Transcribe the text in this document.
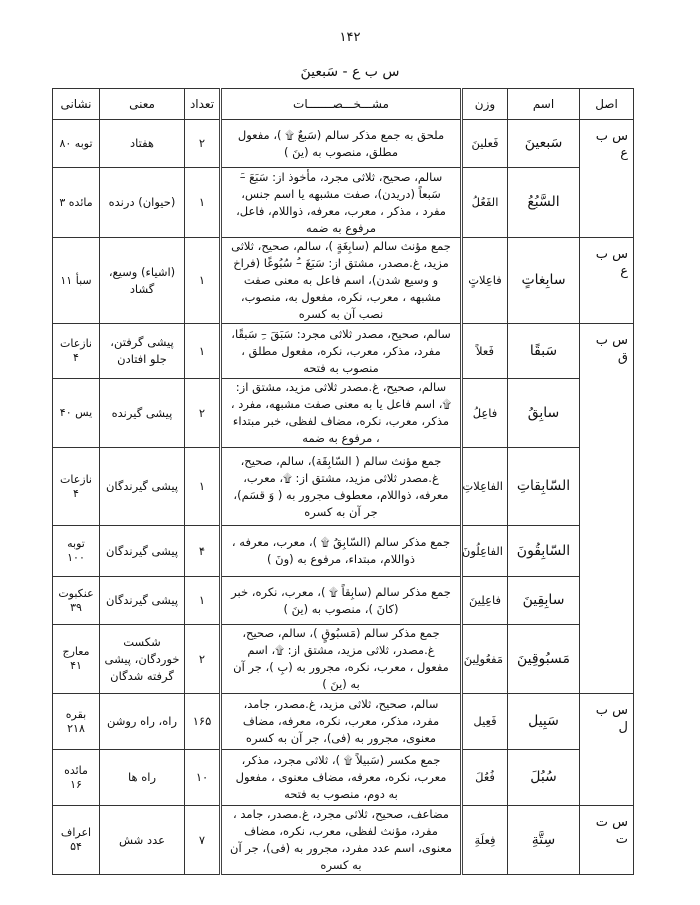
۱۴۲
س ب ع - سَبعینَ
اصل	اسم	وزن	مشـــخـــصـــــــات	تعداد	معنی	نشانی
س ب ع	سَبعینَ	فَعلینَ	ملحق به جمع مذکر سالم (سَبعٌ ۩ )، مفعول مطلق، منصوب به (ینَ )	۲	هفتاد	توبه ۸۰
	السَّبُعُ	الفَعُلُ	سالم، صحیح، ثلاثی مجرد، مأخوذ از: سَبَعَ –َ سَبعاً (دریدن)، صفت مشبهه یا اسم جنس، مفرد ، مذکر ، معرب، معرفه، ذواللام، فاعل، مرفوع به ضمه	۱	(حیوان) درنده	مائده ۳
س ب ع	سابِغاتٍ	فاعِلاتٍ	جمع مؤنث سالم (سابِغَةٍ )، سالم، صحیح، ثلاثی مزید، غ.مصدر، مشتق از: سَبَغَ –ُ سُبُوغًا (فراخ و وسیع شدن)، اسم فاعل به معنی صفت مشبهه ، معرب، نکره، مفعول به، منصوب، نصب آن به کسره	۱	(اشیاء) وسیع، گشاد	سبأ ۱۱
س ب ق	سَبقًا	فَعلاً	سالم، صحیح، مصدر ثلاثی مجرد: سَبَقَ –ِ سَبقًا، مفرد، مذکر، معرب، نکره، مفعول مطلق ، منصوب به فتحه	۱	پیشی گرفتن، جلو افتادن	نازعات ۴
	سابِقُ	فاعِلُ	سالم، صحیح، غ.مصدر ثلاثی مزید، مشتق از: ۩، اسم فاعل یا به معنی صفت مشبهه، مفرد ، مذکر، معرب، نکره، مضاف لفظی، خبر مبتداء ، مرفوع به ضمه	۲	پیشی گیرنده	یس ۴۰
	السّابِقاتِ	الفاعِلاتِ	جمع مؤنث سالم ( السّابِقَة)، سالم، صحیح، غ.مصدر ثلاثی مزید، مشتق از: ۩، معرب، معرفه، ذواللام، معطوف مجرور به ( وَ قسَم)، جر آن به کسره	۱	پیشی گیرندگان	نازعات ۴
	السّابِقُونَ	الفاعِلُونَ	جمع مذکر سالم (السّابِقُ ۩ )، معرب، معرفه ، ذواللام، مبتداء، مرفوع به (ونَ )	۴	پیشی گیرندگان	توبه ۱۰۰
	سابِقِینَ	فاعِلِینَ	جمع مذکر سالم (سابِقاً ۩ )، معرب، نکره، خبر (کانَ )، منصوب به (ینَ )	۱	پیشی گیرندگان	عنکبوت ۳۹
	مَسبُوقِینَ	مَفعُولِینَ	جمع مذکر سالم (مَسبُوقٍ )، سالم، صحیح، غ.مصدر، ثلاثی مزید، مشتق از: ۩، اسم مفعول ، معرب، نکره، مجرور به (بِ )، جر آن به (ینَ )	۲	شکست خوردگان، پیشی گرفته شدگان	معارج ۴۱
س ب ل	سَبِیل	فَعِیل	سالم، صحیح، ثلاثی مزید، غ.مصدر، جامد، مفرد، مذکر، معرب، نکره، معرفه، مضاف معنوی، مجرور به (فی)، جر آن به کسره	۱۶۵	راه، راه روشن	بقره ۲۱۸
	سُبُلَ	فُعُلَ	جمع مکسر (سَبیلاً ۩ )، ثلاثی مجرد، مذکر، معرب، نکره، معرفه، مضاف معنوی ، مفعول به دوم، منصوب به فتحه	۱۰	راه ها	مائده ۱۶
س ت ت	سِتَّةِ	فِعلَةِ	مضاعف، صحیح، ثلاثی مجرد، غ.مصدر، جامد ، مفرد، مؤنث لفظی، معرب، نکره، مضاف معنوی، اسم عدد مفرد، مجرور به (فی)، جر آن به کسره	۷	عدد شش	اعراف ۵۴
